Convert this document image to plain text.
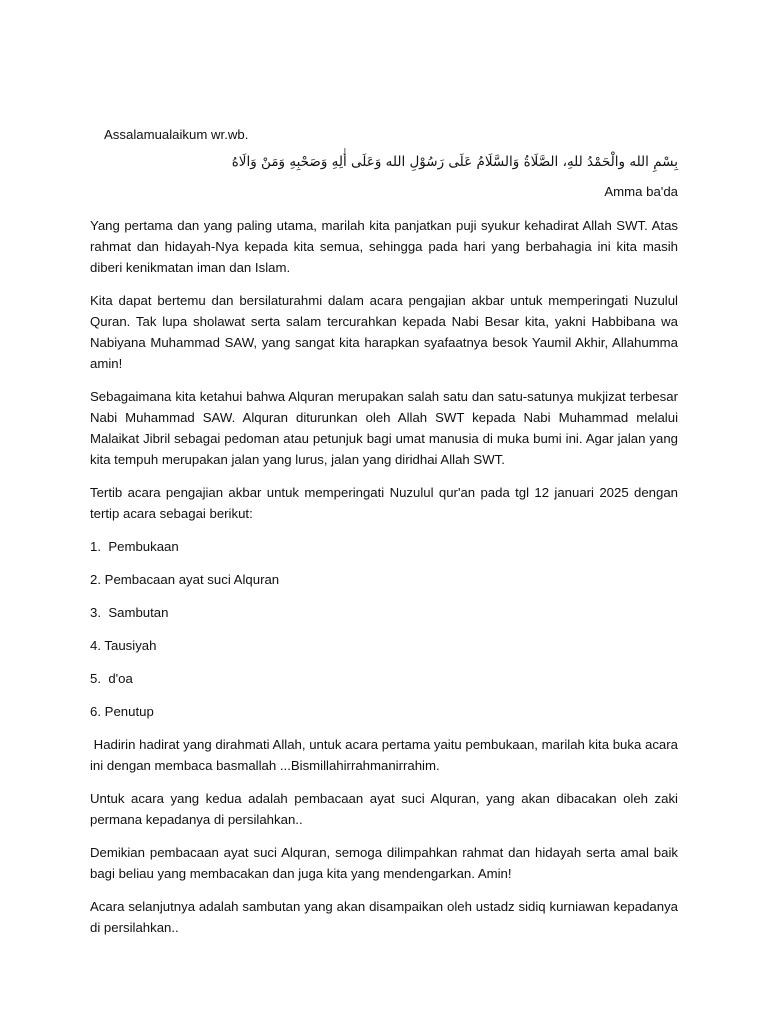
Assalamualaikum wr.wb.
بِسْمِ الله والْحَمْدُ للهِ، الصَّلَاةُ وَالسَّلَامُ عَلَى رَسُوْلِ الله وَعَلَى أٰلِهِ وَصَحْبِهِ وَمَنْ وَالَاهُ
Amma ba'da

Yang pertama dan yang paling utama, marilah kita panjatkan puji syukur kehadirat Allah SWT. Atas rahmat dan hidayah-Nya kepada kita semua, sehingga pada hari yang berbahagia ini kita masih diberi kenikmatan iman dan Islam.

Kita dapat bertemu dan bersilaturahmi dalam acara pengajian akbar untuk memperingati Nuzulul Quran. Tak lupa sholawat serta salam tercurahkan kepada Nabi Besar kita, yakni Habbibana wa Nabiyana Muhammad SAW, yang sangat kita harapkan syafaatnya besok Yaumil Akhir, Allahumma amin!

Sebagaimana kita ketahui bahwa Alquran merupakan salah satu dan satu-satunya mukjizat terbesar Nabi Muhammad SAW. Alquran diturunkan oleh Allah SWT kepada Nabi Muhammad melalui Malaikat Jibril sebagai pedoman atau petunjuk bagi umat manusia di muka bumi ini. Agar jalan yang kita tempuh merupakan jalan yang lurus, jalan yang diridhai Allah SWT.

Tertib acara pengajian akbar untuk memperingati Nuzulul qur'an pada tgl 12 januari 2025 dengan tertip acara sebagai berikut:

1.  Pembukaan
2. Pembacaan ayat suci Alquran
3.  Sambutan
4. Tausiyah
5.  d'oa
6. Penutup

Hadirin hadirat yang dirahmati Allah, untuk acara pertama yaitu pembukaan, marilah kita buka acara ini dengan membaca basmallah ...Bismillahirrahmanirrahim.

Untuk acara yang kedua adalah pembacaan ayat suci Alquran, yang akan dibacakan oleh zaki permana kepadanya di persilahkan..

Demikian pembacaan ayat suci Alquran, semoga dilimpahkan rahmat dan hidayah serta amal baik bagi beliau yang membacakan dan juga kita yang mendengarkan. Amin!

Acara selanjutnya adalah sambutan yang akan disampaikan oleh ustadz sidiq kurniawan kepadanya di persilahkan..
